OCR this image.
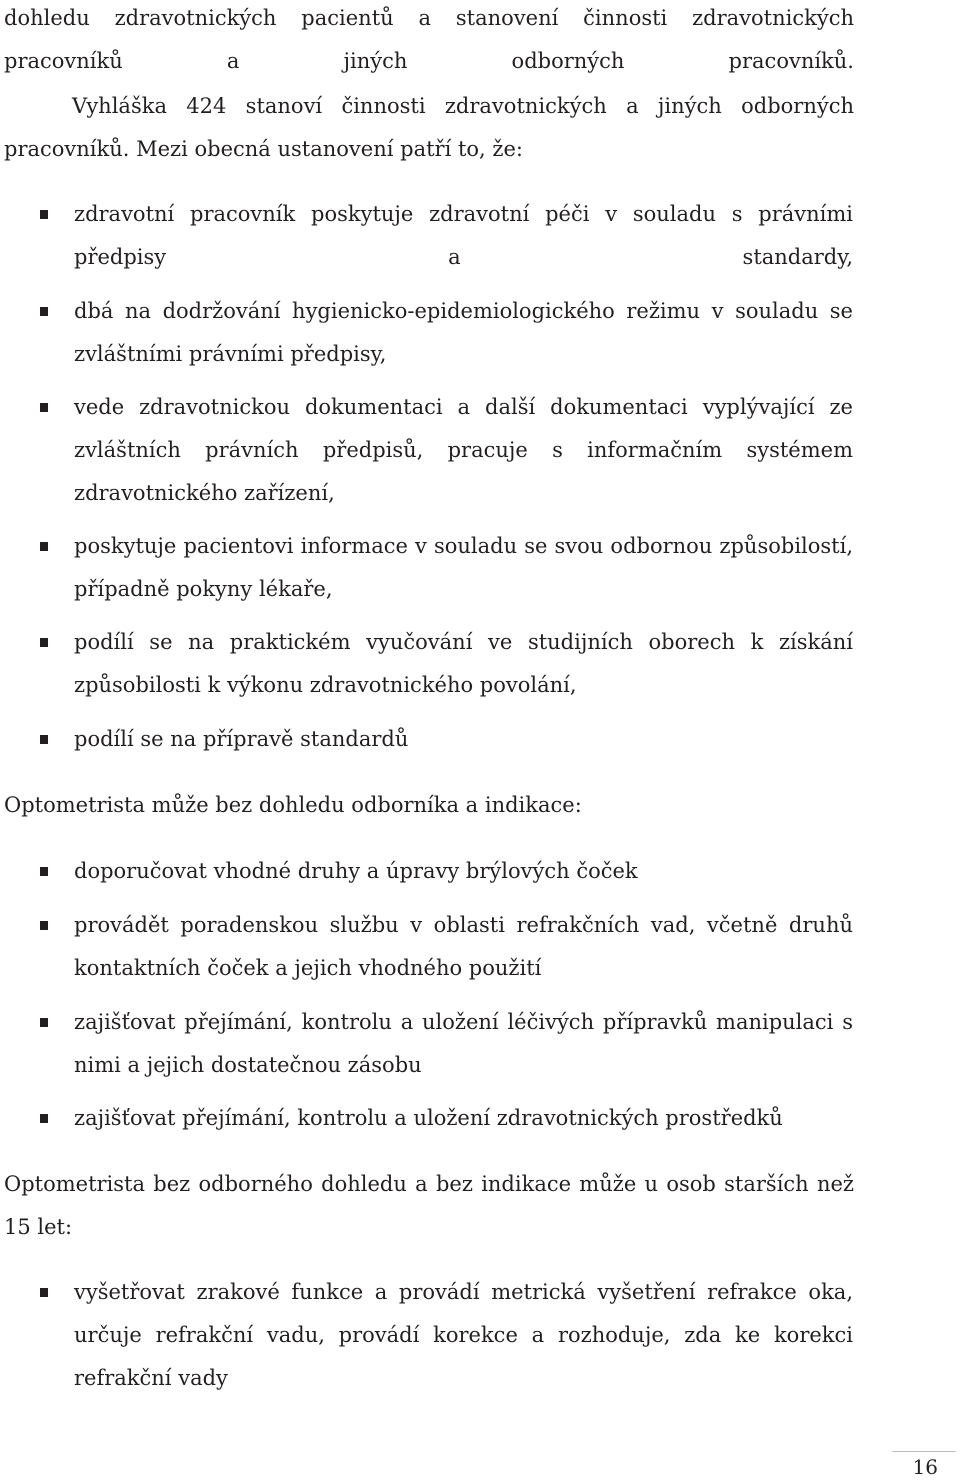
dohledu zdravotnických pacientů a stanovení činnosti zdravotnických pracovníků a jiných odborných pracovníků.
Vyhláška 424 stanoví činnosti zdravotnických a jiných odborných pracovníků. Mezi obecná ustanovení patří to, že:
zdravotní pracovník poskytuje zdravotní péči v souladu s právními předpisy a standardy,
dbá na dodržování hygienicko-epidemiologického režimu v souladu se zvláštními právními předpisy,
vede zdravotnickou dokumentaci a další dokumentaci vyplývající ze zvláštních právních předpisů, pracuje s informačním systémem zdravotnického zařízení,
poskytuje pacientovi informace v souladu se svou odbornou způsobilostí, případně pokyny lékaře,
podílí se na praktickém vyučování ve studijních oborech k získání způsobilosti k výkonu zdravotnického povolání,
podílí se na přípravě standardů
Optometrista může bez dohledu odborníka a indikace:
doporučovat vhodné druhy a úpravy brýlových čoček
provádět poradenskou službu v oblasti refrakčních vad, včetně druhů kontaktních čoček a jejich vhodného použití
zajišťovat přejímání, kontrolu a uložení léčivých přípravků manipulaci s nimi a jejich dostatečnou zásobu
zajišťovat přejímání, kontrolu a uložení zdravotnických prostředků
Optometrista bez odborného dohledu a bez indikace může u osob starších než 15 let:
vyšetřovat zrakové funkce a provádí metrická vyšetření refrakce oka, určuje refrakční vadu, provádí korekce a rozhoduje, zda ke korekci refrakční vady
16
